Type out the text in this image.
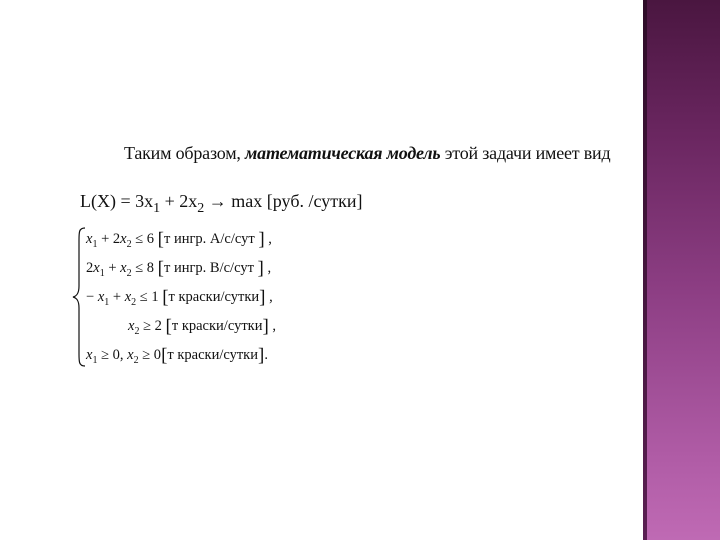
Таким образом, математическая модель этой задачи имеет вид
$L(X) = 3x_1 + 2x_2 \to \max [руб$. /сутки]
$x_1 + 2x_2 \le 6$ [т ингр. А/с/сут ] ,
$2x_1 + x_2 \le 8$ [т ингр. В/с/сут ] ,
− $x_1 + x_2 \le 1$ [т краски/сутки] ,
$x_2 \ge 2$ [т краски/сутки] ,
$x_1 \ge 0$, $x_2 \ge 0[т$ краски/сутки].
